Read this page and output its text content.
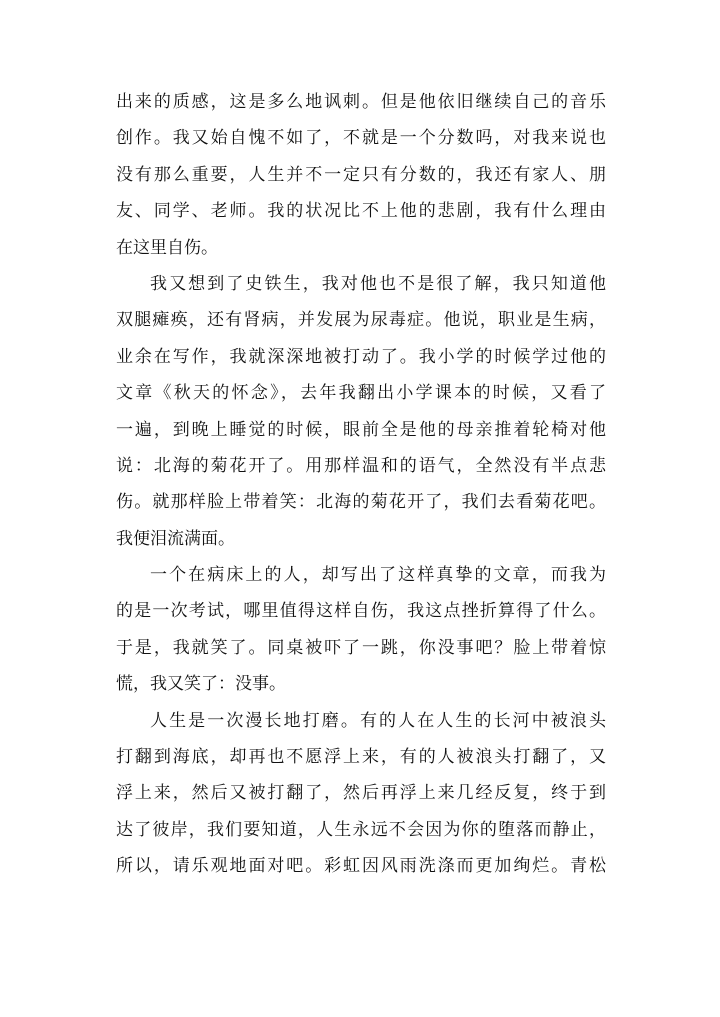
出来的质感，这是多么地讽刺。但是他依旧继续自己的音乐
创作。我又始自愧不如了，不就是一个分数吗，对我来说也
没有那么重要，人生并不一定只有分数的，我还有家人、朋
友、同学、老师。我的状况比不上他的悲剧，我有什么理由
在这里自伤。
我又想到了史铁生，我对他也不是很了解，我只知道他
双腿瘫痪，还有肾病，并发展为尿毒症。他说，职业是生病，
业余在写作，我就深深地被打动了。我小学的时候学过他的
文章《秋天的怀念》，去年我翻出小学课本的时候，又看了
一遍，到晚上睡觉的时候，眼前全是他的母亲推着轮椅对他
说：北海的菊花开了。用那样温和的语气，全然没有半点悲
伤。就那样脸上带着笑：北海的菊花开了，我们去看菊花吧。
我便泪流满面。
一个在病床上的人，却写出了这样真挚的文章，而我为
的是一次考试，哪里值得这样自伤，我这点挫折算得了什么。
于是，我就笑了。同桌被吓了一跳，你没事吧？脸上带着惊
慌，我又笑了：没事。
人生是一次漫长地打磨。有的人在人生的长河中被浪头
打翻到海底，却再也不愿浮上来，有的人被浪头打翻了，又
浮上来，然后又被打翻了，然后再浮上来几经反复，终于到
达了彼岸，我们要知道，人生永远不会因为你的堕落而静止，
所以，请乐观地面对吧。彩虹因风雨洗涤而更加绚烂。青松
